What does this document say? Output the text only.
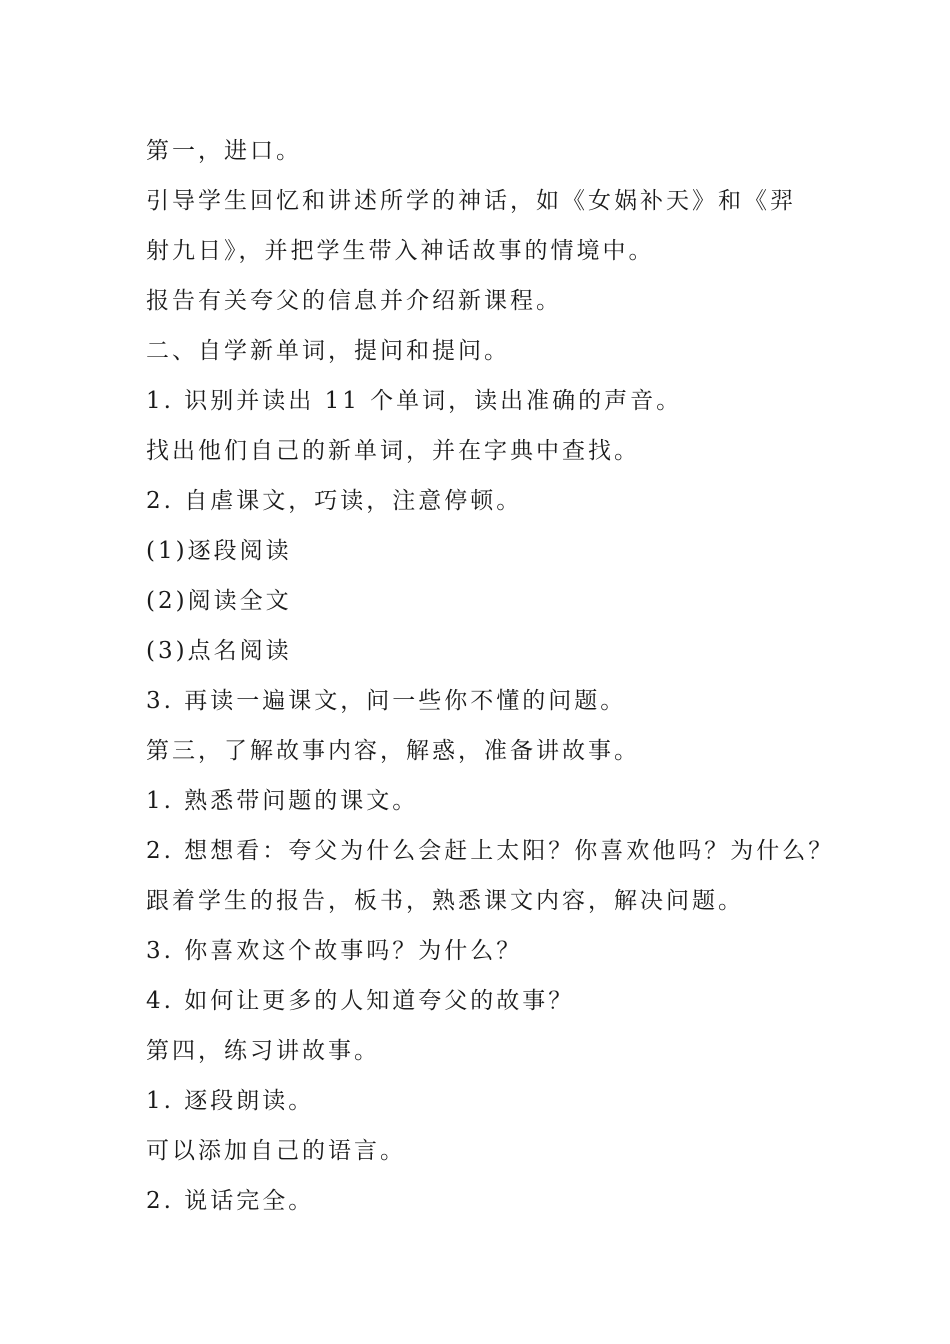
第一，进口。
引导学生回忆和讲述所学的神话，如《女娲补天》和《羿
射九日》，并把学生带入神话故事的情境中。
报告有关夸父的信息并介绍新课程。
二、自学新单词，提问和提问。
1. 识别并读出 11 个单词，读出准确的声音。
找出他们自己的新单词，并在字典中查找。
2. 自虐课文，巧读，注意停顿。
(1)逐段阅读
(2)阅读全文
(3)点名阅读
3. 再读一遍课文，问一些你不懂的问题。
第三，了解故事内容，解惑，准备讲故事。
1. 熟悉带问题的课文。
2. 想想看：夸父为什么会赶上太阳？你喜欢他吗？为什么？
跟着学生的报告，板书，熟悉课文内容，解决问题。
3. 你喜欢这个故事吗？为什么？
4. 如何让更多的人知道夸父的故事？
第四，练习讲故事。
1. 逐段朗读。
可以添加自己的语言。
2. 说话完全。
